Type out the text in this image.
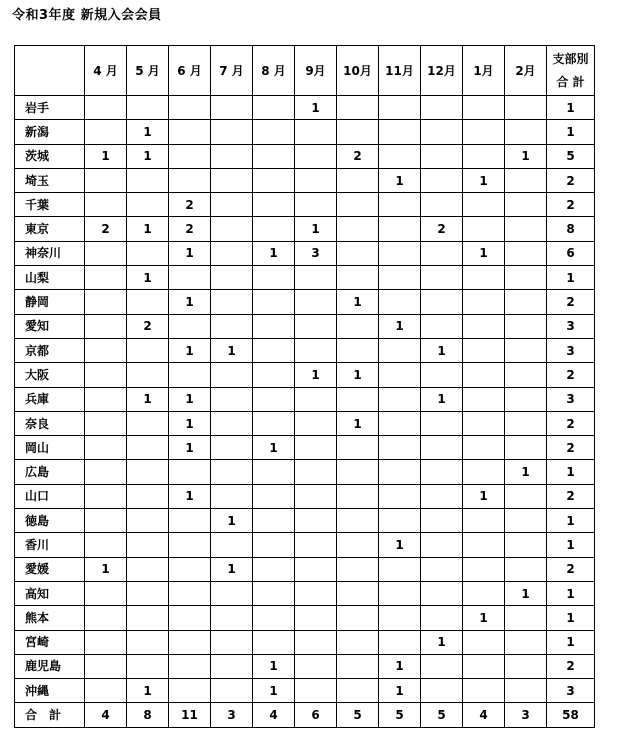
令和3年度 新規入会会員
	4 月	5 月	6 月	7 月	8 月	9月	10月	11月	12月	1月	2月	支部別
合 計

岩手						1						1
新潟		1										1
茨城	1	1					2				1	5
埼玉								1		1		2
千葉			2									2
東京	2	1	2			1			2			8
神奈川			1		1	3				1		6
山梨		1										1
静岡			1				1					2
愛知		2						1				3
京都			1	1					1			3
大阪						1	1					2
兵庫		1	1						1			3
奈良			1				1					2
岡山			1		1							2
広島											1	1
山口			1							1		2
徳島				1								1
香川								1				1
愛媛	1			1								2
高知											1	1
熊本										1		1
宮崎									1			1
鹿児島					1			1				2
沖縄		1			1			1				3
合　計	4	8	11	3	4	6	5	5	5	4	3	58
